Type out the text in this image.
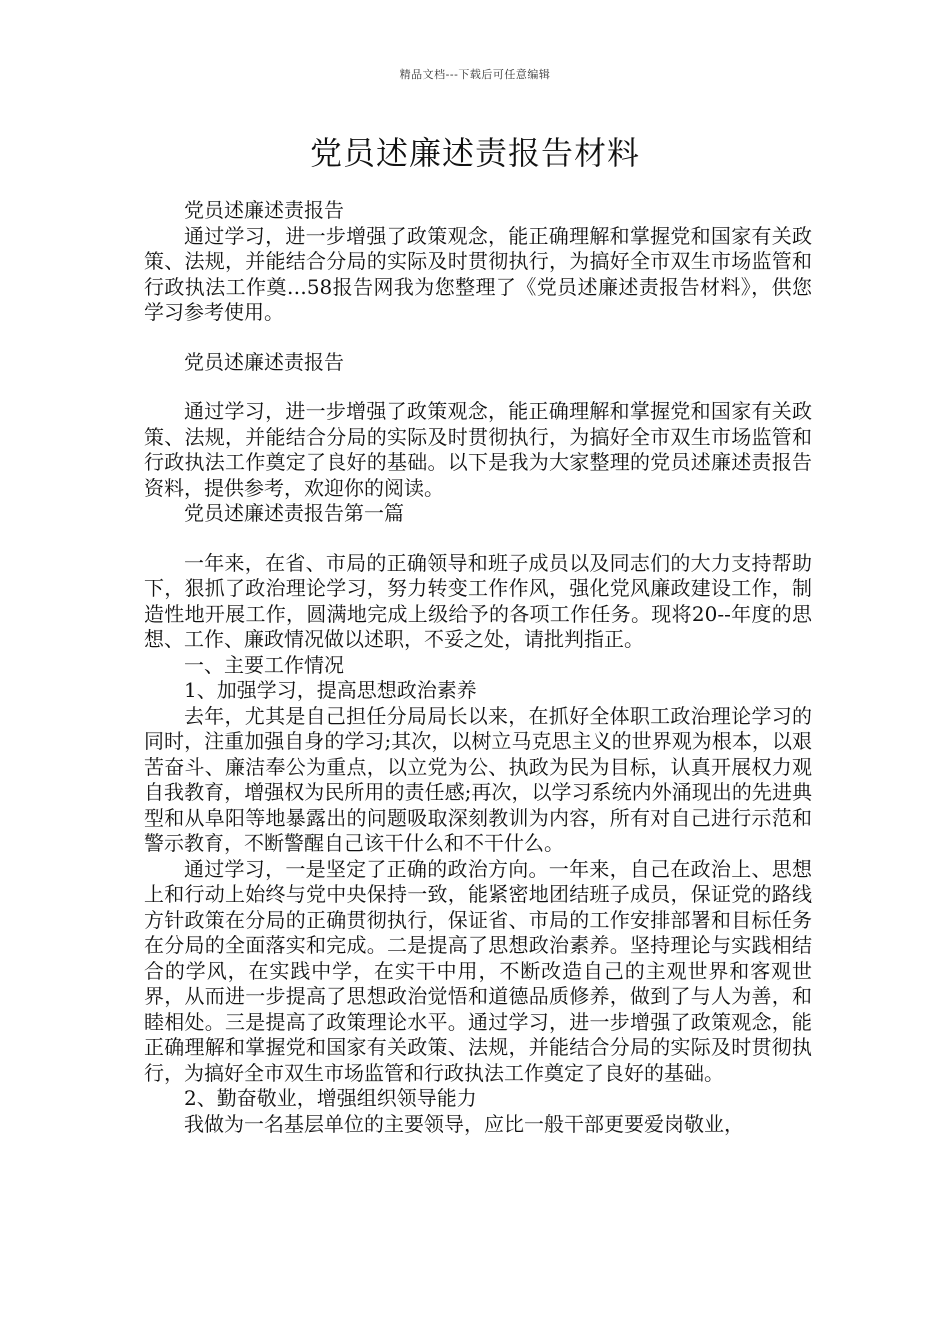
精品文档---下载后可任意编辑
党员述廉述责报告材料

党员述廉述责报告

通过学习，进一步增强了政策观念，能正确理解和掌握党和国家有关政策、法规，并能结合分局的实际及时贯彻执行，为搞好全市双生市场监管和行政执法工作奠…58报告网我为您整理了《党员述廉述责报告材料》，供您学习参考使用。

党员述廉述责报告

通过学习，进一步增强了政策观念，能正确理解和掌握党和国家有关政策、法规，并能结合分局的实际及时贯彻执行，为搞好全市双生市场监管和行政执法工作奠定了良好的基础。以下是我为大家整理的党员述廉述责报告资料，提供参考，欢迎你的阅读。

党员述廉述责报告第一篇

一年来，在省、市局的正确领导和班子成员以及同志们的大力支持帮助下，狠抓了政治理论学习，努力转变工作作风，强化党风廉政建设工作，制造性地开展工作，圆满地完成上级给予的各项工作任务。现将20--年度的思想、工作、廉政情况做以述职，不妥之处，请批判指正。

一、主要工作情况

1、加强学习，提高思想政治素养

去年，尤其是自己担任分局局长以来，在抓好全体职工政治理论学习的同时，注重加强自身的学习;其次，以树立马克思主义的世界观为根本，以艰苦奋斗、廉洁奉公为重点，以立党为公、执政为民为目标，认真开展权力观自我教育，增强权为民所用的责任感;再次，以学习系统内外涌现出的先进典型和从阜阳等地暴露出的问题吸取深刻教训为内容，所有对自己进行示范和警示教育，不断警醒自己该干什么和不干什么。

通过学习，一是坚定了正确的政治方向。一年来，自己在政治上、思想上和行动上始终与党中央保持一致，能紧密地团结班子成员，保证党的路线方针政策在分局的正确贯彻执行，保证省、市局的工作安排部署和目标任务在分局的全面落实和完成。二是提高了思想政治素养。坚持理论与实践相结合的学风，在实践中学，在实干中用，不断改造自己的主观世界和客观世界，从而进一步提高了思想政治觉悟和道德品质修养，做到了与人为善，和睦相处。三是提高了政策理论水平。通过学习，进一步增强了政策观念，能正确理解和掌握党和国家有关政策、法规，并能结合分局的实际及时贯彻执行，为搞好全市双生市场监管和行政执法工作奠定了良好的基础。

2、勤奋敬业，增强组织领导能力

我做为一名基层单位的主要领导，应比一般干部更要爱岗敬业，
